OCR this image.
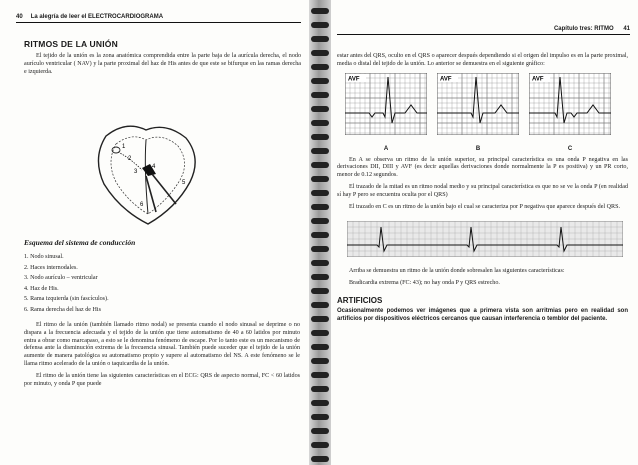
40 La alegría de leer el ELECTROCARDIOGRAMA
RITMOS DE LA UNIÓN

El tejido de la unión es la zona anatómica comprendida entre la parte baja de la aurícula derecha, el nodo aurículo ventricular ( NAV) y la parte proximal del haz de His antes de que este se bifurque en las ramas derecha e izquierda.

1
2
3
4
5
6
Esquema del sistema de conducción
1. Nodo sinusal.
2. Haces internodales.
3. Nodo aurículo – ventricular
4. Haz de His.
5. Rama izquierda (sin fascículos).
6. Rama derecha del haz de His

El ritmo de la unión (también llamado ritmo nodal) se presenta cuando el nodo sinusal se deprime o no dispara a la frecuencia adecuada y el tejido de la unión que tiene automatismo de 40 a 60 latidos por minuto entra a obrar como marcapaso, a esto se le denomina fenómeno de escape. Por lo tanto este es un mecanismo de defensa ante la disminución extrema de la frecuencia sinusal. También puede suceder que el tejido de la unión aumente de manera patológica su automatismo propio y supere al automatismo del NS. A este fenómeno se le llama ritmo acelerado de la unión o taquicardia de la unión.

El ritmo de la unión tiene las siguientes características en el ECG: QRS de aspecto normal, FC < 60 latidos por minuto, y onda P que puede

Capítulo tres: RITMO 41

estar antes del QRS, oculto en el QRS o aparecer después dependiendo si el origen del impulso es en la parte proximal, media o distal del tejido de la unión. Lo anterior se demuestra en el siguiente gráfico:

AVF
A
AVF
B
AVF
C

En A se observa un ritmo de la unión superior, su principal característica es una onda P negativa en las derivaciones DII, DIII y AVF (es decir aquellas derivaciones donde normalmente la P es positiva) y un PR corto, menor de 0.12 segundos.

El trazado de la mitad es un ritmo nodal medio y su principal característica es que no se ve la onda P (en realidad sí hay P pero se encuentra oculta por el QRS)

El trazado en C es un ritmo de la unión bajo el cual se caracteriza por P negativa que aparece después del QRS.

Arriba se demuestra un ritmo de la unión donde sobresalen las siguientes características:

Bradicardia extrema (FC: 43); no hay onda P y QRS estrecho.

ARTIFICIOS

Ocasionalmente podemos ver imágenes que a primera vista son arritmias pero en realidad son artificios por dispositivos eléctricos cercanos que causan interferencia o temblor del paciente.
